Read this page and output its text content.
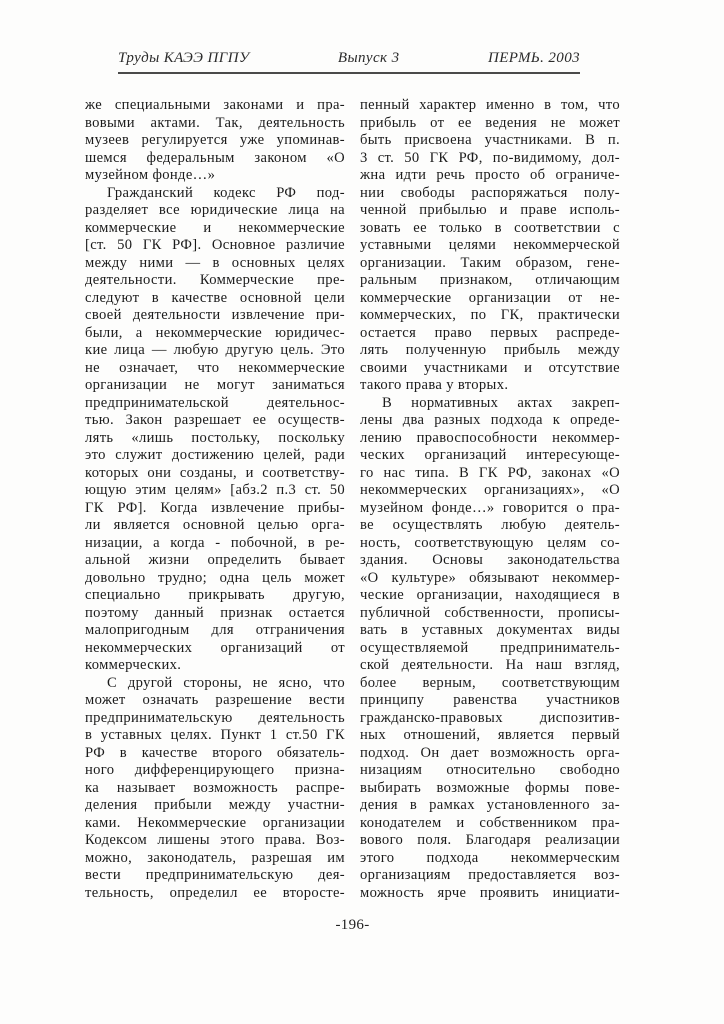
Труды КАЭЭ ПГПУ	Выпуск 3	ПЕРМЬ. 2003
же специальными законами и пра-
вовыми актами. Так, деятельность
музеев регулируется уже упоминав-
шемся федеральным законом «О
музейном фонде…»
Гражданский кодекс РФ под-
разделяет все юридические лица на
коммерческие и некоммерческие
[ст. 50 ГК РФ]. Основное различие
между ними — в основных целях
деятельности. Коммерческие пре-
следуют в качестве основной цели
своей деятельности извлечение при-
были, а некоммерческие юридичес-
кие лица — любую другую цель. Это
не означает, что некоммерческие
организации не могут заниматься
предпринимательской деятельнос-
тью. Закон разрешает ее осуществ-
лять «лишь постольку, поскольку
это служит достижению целей, ради
которых они созданы, и соответству-
ющую этим целям» [абз.2 п.3 ст. 50
ГК РФ]. Когда извлечение прибы-
ли является основной целью орга-
низации, а когда - побочной, в ре-
альной жизни определить бывает
довольно трудно; одна цель может
специально прикрывать другую,
поэтому данный признак остается
малопригодным для отграничения
некоммерческих организаций от
коммерческих.
С другой стороны, не ясно, что
может означать разрешение вести
предпринимательскую деятельность
в уставных целях. Пункт 1 ст.50 ГК
РФ в качестве второго обязатель-
ного дифференцирующего призна-
ка называет возможность распре-
деления прибыли между участни-
ками. Некоммерческие организации
Кодексом лишены этого права. Воз-
можно, законодатель, разрешая им
вести предпринимательскую дея-
тельность, определил ее второсте-
пенный характер именно в том, что
прибыль от ее ведения не может
быть присвоена участниками. В п.
3 ст. 50 ГК РФ, по-видимому, дол-
жна идти речь просто об ограниче-
нии свободы распоряжаться полу-
ченной прибылью и праве исполь-
зовать ее только в соответствии с
уставными целями некоммерческой
организации. Таким образом, гене-
ральным признаком, отличающим
коммерческие организации от не-
коммерческих, по ГК, практически
остается право первых распреде-
лять полученную прибыль между
своими участниками и отсутствие
такого права у вторых.
В нормативных актах закреп-
лены два разных подхода к опреде-
лению правоспособности некоммер-
ческих организаций интересующе-
го нас типа. В ГК РФ, законах «О
некоммерческих организациях», «О
музейном фонде…» говорится о пра-
ве осуществлять любую деятель-
ность, соответствующую целям со-
здания. Основы законодательства
«О культуре» обязывают некоммер-
ческие организации, находящиеся в
публичной собственности, прописы-
вать в уставных документах виды
осуществляемой предприниматель-
ской деятельности. На наш взгляд,
более верным, соответствующим
принципу равенства участников
гражданско-правовых диспозитив-
ных отношений, является первый
подход. Он дает возможность орга-
низациям относительно свободно
выбирать возможные формы пове-
дения в рамках установленного за-
конодателем и собственником пра-
вового поля. Благодаря реализации
этого подхода некоммерческим
организациям предоставляется воз-
можность ярче проявить инициати-
-196-
